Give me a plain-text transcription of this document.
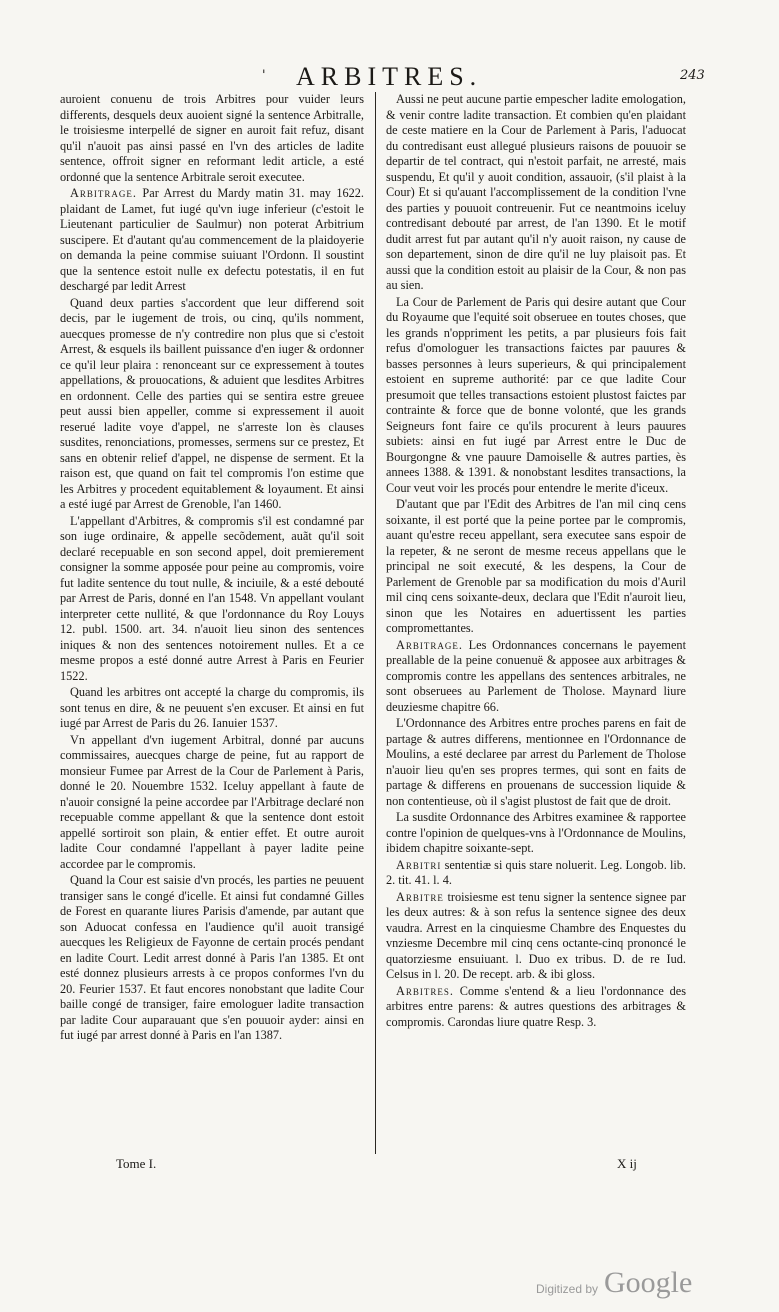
' ARBITRES.	243

auroient conuenu de trois Arbitres pour vuider leurs differents, desquels deux auoient signé la sentence Arbitralle, le troisiesme interpellé de signer en auroit fait refuz, disant qu'il n'auoit pas ainsi passé en l'vn des articles de ladite sentence, offroit signer en reformant ledit article, a esté ordonné que la sentence Arbitrale seroit executee.

Arbitrage. Par Arrest du Mardy matin 31. may 1622. plaidant de Lamet, fut iugé qu'vn iuge inferieur (c'estoit le Lieutenant particulier de Saulmur) non poterat Arbitrium suscipere. Et d'autant qu'au commencement de la plaidoyerie on demanda la peine commise suiuant l'Ordonn. Il soustint que la sentence estoit nulle ex defectu potestatis, il en fut deschargé par ledit Arrest

Quand deux parties s'accordent que leur differend soit decis, par le iugement de trois, ou cinq, qu'ils nomment, auecques promesse de n'y contredire non plus que si c'estoit Arrest, & esquels ils baillent puissance d'en iuger & ordonner ce qu'il leur plaira : renonceant sur ce expressement à toutes appellations, & prouocations, & aduient que lesdites Arbitres en ordonnent. Celle des parties qui se sentira estre greuee peut aussi bien appeller, comme si expressement il auoit reserué ladite voye d'appel, ne s'arreste lon ès clauses susdites, renonciations, promesses, sermens sur ce prestez, Et sans en obtenir relief d'appel, ne dispense de serment. Et la raison est, que quand on fait tel compromis l'on estime que les Arbitres y procedent equitablement & loyaument. Et ainsi a esté iugé par Arrest de Grenoble, l'an 1460.

L'appellant d'Arbitres, & compromis s'il est condamné par son iuge ordinaire, & appelle secõdement, auãt qu'il soit declaré recepuable en son second appel, doit premierement consigner la somme apposée pour peine au compromis, voire fut ladite sentence du tout nulle, & inciuile, & a esté debouté par Arrest de Paris, donné en l'an 1548. Vn appellant voulant interpreter cette nullité, & que l'ordonnance du Roy Louys 12. publ. 1500. art. 34. n'auoit lieu sinon des sentences iniques & non des sentences notoirement nulles. Et a ce mesme propos a esté donné autre Arrest à Paris en Feurier 1522.

Quand les arbitres ont accepté la charge du compromis, ils sont tenus en dire, & ne peuuent s'en excuser. Et ainsi en fut iugé par Arrest de Paris du 26. Ianuier 1537.

Vn appellant d'vn iugement Arbitral, donné par aucuns commissaires, auecques charge de peine, fut au rapport de monsieur Fumee par Arrest de la Cour de Parlement à Paris, donné le 20. Nouembre 1532. Iceluy appellant à faute de n'auoir consigné la peine accordee par l'Arbitrage declaré non recepuable comme appellant & que la sentence dont estoit appellé sortiroit son plain, & entier effet. Et outre auroit ladite Cour condamné l'appellant à payer ladite peine accordee par le compromis.

Quand la Cour est saisie d'vn procés, les parties ne peuuent transiger sans le congé d'icelle. Et ainsi fut condamné Gilles de Forest en quarante liures Parisis d'amende, par autant que son Aduocat confessa en l'audience qu'il auoit transigé auecques les Religieux de Fayonne de certain procés pendant en ladite Court. Ledit arrest donné à Paris l'an 1385. Et ont esté donnez plusieurs arrests à ce propos conformes l'vn du 20. Feurier 1537. Et faut encores nonobstant que ladite Cour baille congé de transiger, faire emologuer ladite transaction par ladite Cour auparauant que s'en pouuoir ayder: ainsi en fut iugé par arrest donné à Paris en l'an 1387.

Aussi ne peut aucune partie empescher ladite emologation, & venir contre ladite transaction. Et combien qu'en plaidant de ceste matiere en la Cour de Parlement à Paris, l'aduocat du contredisant eust allegué plusieurs raisons de pouuoir se departir de tel contract, qui n'estoit parfait, ne arresté, mais suspendu, Et qu'il y auoit condition, assauoir, (s'il plaist à la Cour) Et si qu'auant l'accomplissement de la condition l'vne des parties y pouuoit contreuenir. Fut ce neantmoins iceluy contredisant debouté par arrest, de l'an 1390. Et le motif dudit arrest fut par autant qu'il n'y auoit raison, ny cause de son departement, sinon de dire qu'il ne luy plaisoit pas. Et aussi que la condition estoit au plaisir de la Cour, & non pas au sien.

La Cour de Parlement de Paris qui desire autant que Cour du Royaume que l'equité soit obseruee en toutes choses, que les grands n'oppriment les petits, a par plusieurs fois fait refus d'omologuer les transactions faictes par pauures & basses personnes à leurs superieurs, & qui principalement estoient en supreme authorité: par ce que ladite Cour presumoit que telles transactions estoient plustost faictes par contrainte & force que de bonne volonté, que les grands Seigneurs font faire ce qu'ils procurent à leurs pauures subiets: ainsi en fut iugé par Arrest entre le Duc de Bourgongne & vne pauure Damoiselle & autres parties, ès annees 1388. & 1391. & nonobstant lesdites transactions, la Cour veut voir les procés pour entendre le merite d'iceux.

D'autant que par l'Edit des Arbitres de l'an mil cinq cens soixante, il est porté que la peine portee par le compromis, auant qu'estre receu appellant, sera executee sans espoir de la repeter, & ne seront de mesme receus appellans que le principal ne soit executé, & les despens, la Cour de Parlement de Grenoble par sa modification du mois d'Auril mil cinq cens soixante-deux, declara que l'Edit n'auroit lieu, sinon que les Notaires en aduertissent les parties compromettantes.

Arbitrage. Les Ordonnances concernans le payement preallable de la peine conuenuë & apposee aux arbitrages & compromis contre les appellans des sentences arbitrales, ne sont obseruees au Parlement de Tholose. Maynard liure deuziesme chapitre 66.

L'Ordonnance des Arbitres entre proches parens en fait de partage & autres differens, mentionnee en l'Ordonnance de Moulins, a esté declaree par arrest du Parlement de Tholose n'auoir lieu qu'en ses propres termes, qui sont en faits de partage & differens en prouenans de succession liquide & non contentieuse, où il s'agist plustost de fait que de droit.

La susdite Ordonnance des Arbitres examinee & rapportee contre l'opinion de quelques-vns à l'Ordonnance de Moulins, ibidem chapitre soixante-sept.

Arbitri sententiæ si quis stare noluerit. Leg. Longob. lib. 2. tit. 41. l. 4.

Arbitre troisiesme est tenu signer la sentence signee par les deux autres: & à son refus la sentence signee des deux vaudra. Arrest en la cinquiesme Chambre des Enquestes du vnziesme Decembre mil cinq cens octante-cinq prononcé le quatorziesme ensuiuant. l. Duo ex tribus. D. de re Iud. Celsus in l. 20. De recept. arb. & ibi gloss.

Arbitres. Comme s'entend & a lieu l'ordonnance des arbitres entre parens: & autres questions des arbitrages & compromis. Carondas liure quatre Resp. 3.

Tome I.	X ij
Digitized by Google
